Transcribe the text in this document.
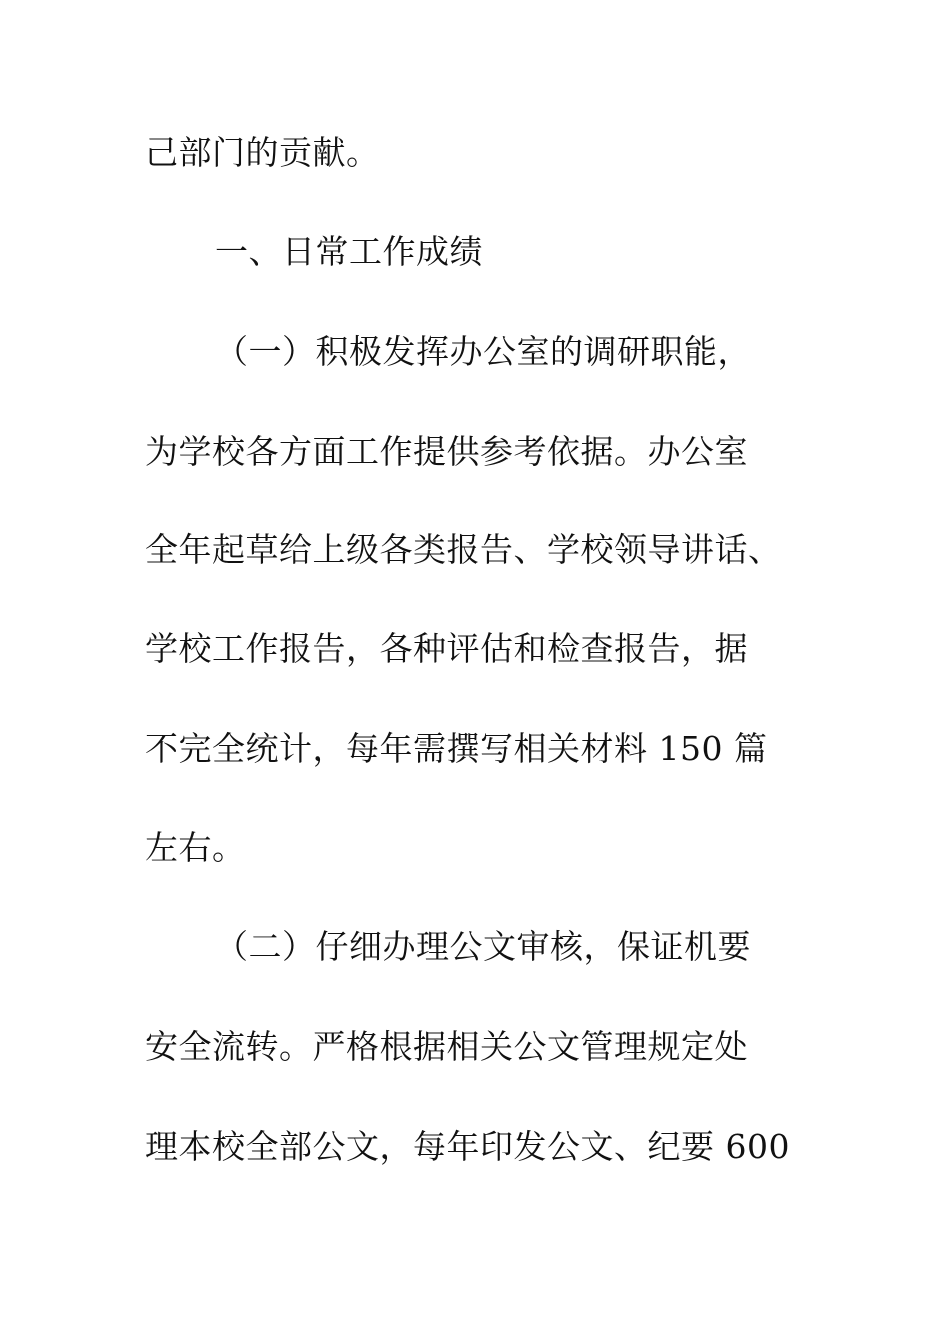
己部门的贡献。
一、日常工作成绩
（一）积极发挥办公室的调研职能，
为学校各方面工作提供参考依据。办公室
全年起草给上级各类报告、学校领导讲话、
学校工作报告，各种评估和检查报告，据
不完全统计，每年需撰写相关材料 150 篇
左右。
（二）仔细办理公文审核，保证机要
安全流转。严格根据相关公文管理规定处
理本校全部公文，每年印发公文、纪要 600
